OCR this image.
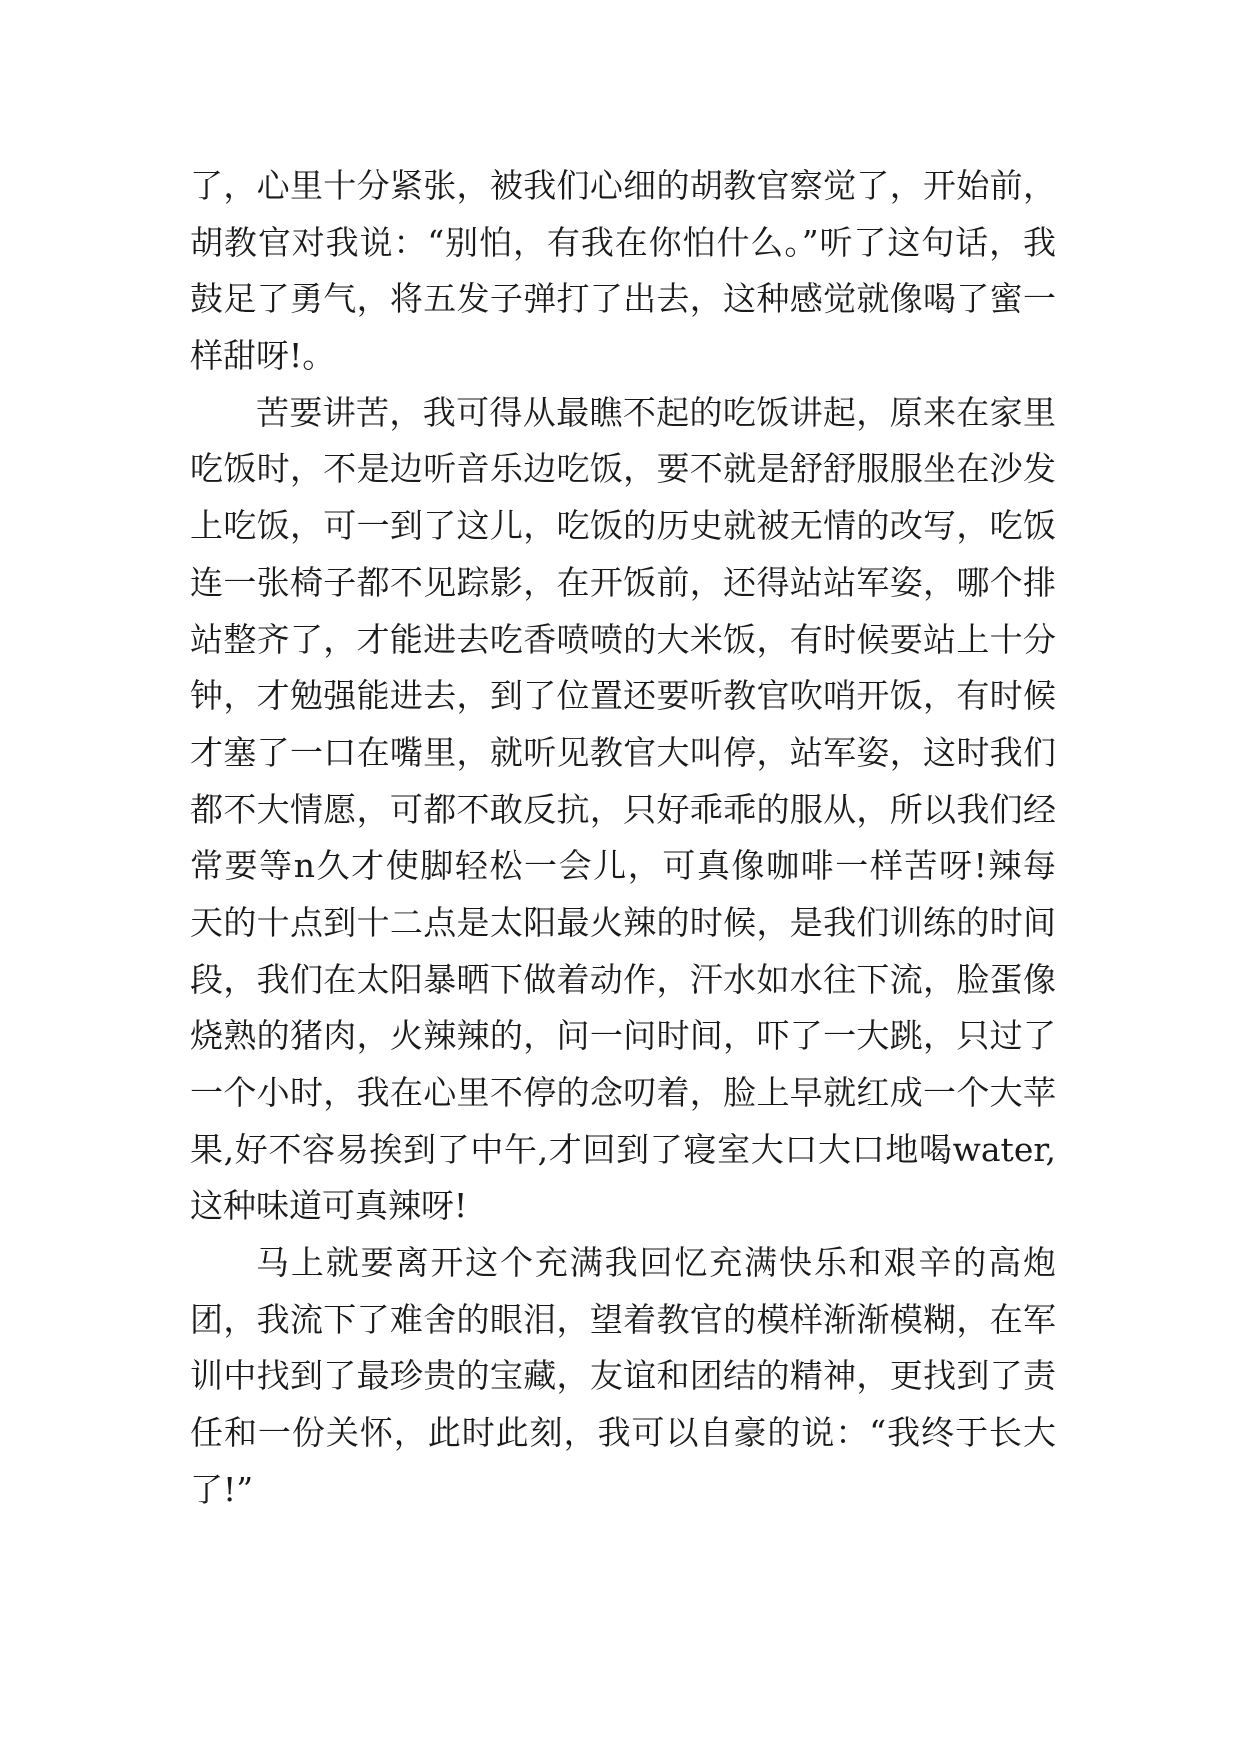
了，心里十分紧张，被我们心细的胡教官察觉了，开始前，
胡教官对我说：“别怕，有我在你怕什么。”听了这句话，我
鼓足了勇气，将五发子弹打了出去，这种感觉就像喝了蜜一
样甜呀!。
苦要讲苦，我可得从最瞧不起的吃饭讲起，原来在家里
吃饭时，不是边听音乐边吃饭，要不就是舒舒服服坐在沙发
上吃饭，可一到了这儿，吃饭的历史就被无情的改写，吃饭
连一张椅子都不见踪影，在开饭前，还得站站军姿，哪个排
站整齐了，才能进去吃香喷喷的大米饭，有时候要站上十分
钟，才勉强能进去，到了位置还要听教官吹哨开饭，有时候
才塞了一口在嘴里，就听见教官大叫停，站军姿，这时我们
都不大情愿，可都不敢反抗，只好乖乖的服从，所以我们经
常要等n久才使脚轻松一会儿，可真像咖啡一样苦呀!辣每
天的十点到十二点是太阳最火辣的时候，是我们训练的时间
段，我们在太阳暴晒下做着动作，汗水如水往下流，脸蛋像
烧熟的猪肉，火辣辣的，问一问时间，吓了一大跳，只过了
一个小时，我在心里不停的念叨着，脸上早就红成一个大苹
果,好不容易挨到了中午,才回到了寝室大口大口地喝water,
这种味道可真辣呀!
马上就要离开这个充满我回忆充满快乐和艰辛的高炮
团，我流下了难舍的眼泪，望着教官的模样渐渐模糊，在军
训中找到了最珍贵的宝藏，友谊和团结的精神，更找到了责
任和一份关怀，此时此刻，我可以自豪的说：“我终于长大
了!”
